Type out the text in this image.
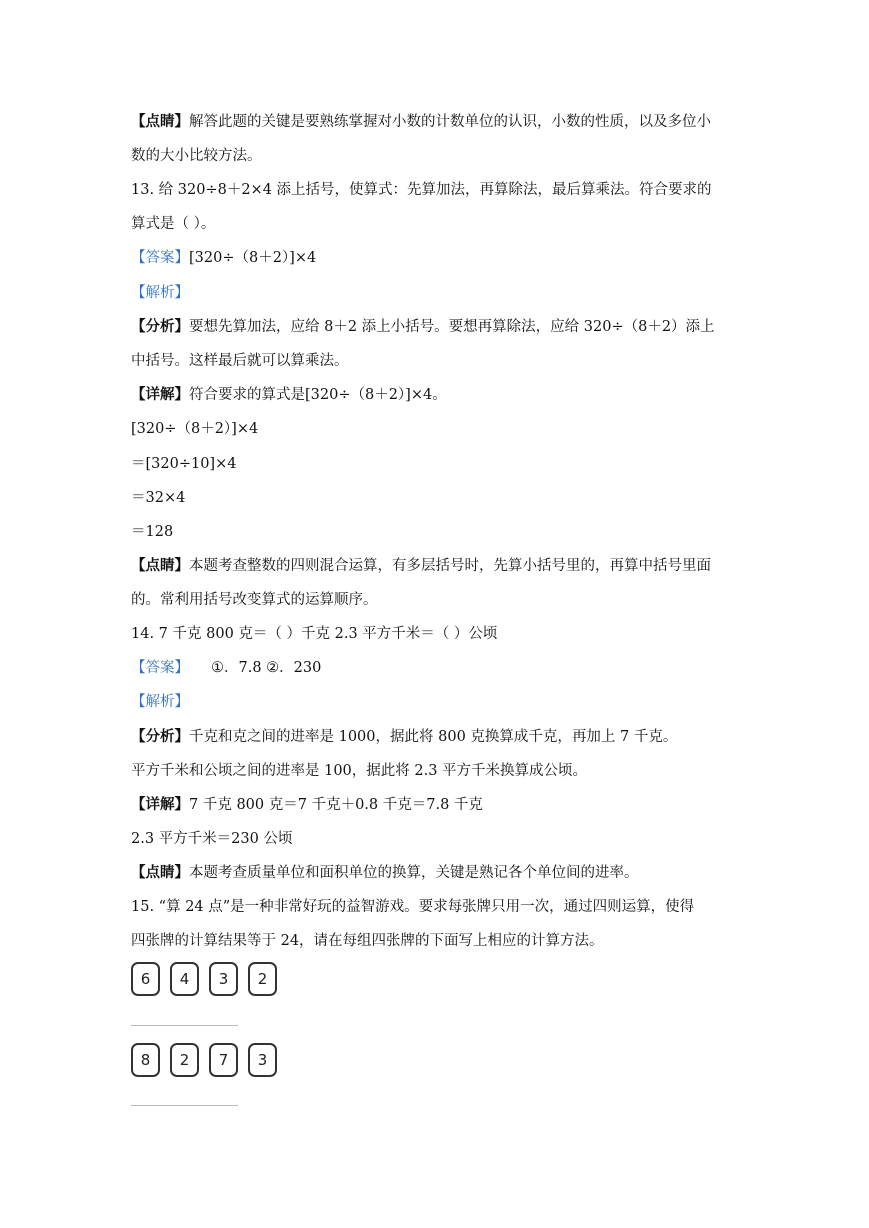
【点睛】解答此题的关键是要熟练掌握对小数的计数单位的认识，小数的性质，以及多位小
数的大小比较方法。
13. 给 320÷8＋2×4 添上括号，使算式：先算加法，再算除法，最后算乘法。符合要求的
算式是（ ）。
【答案】[320÷（8＋2）]×4
【解析】
【分析】要想先算加法，应给 8＋2 添上小括号。要想再算除法，应给 320÷（8＋2）添上
中括号。这样最后就可以算乘法。
【详解】符合要求的算式是[320÷（8＋2）]×4。
[320÷（8＋2）]×4
＝[320÷10]×4
＝32×4
＝128
【点睛】本题考查整数的四则混合运算，有多层括号时，先算小括号里的，再算中括号里面
的。常利用括号改变算式的运算顺序。
14. 7 千克 800 克＝（ ）千克 2.3 平方千米＝（ ）公顷
【答案】 ①．7.8 ②．230
【解析】
【分析】千克和克之间的进率是 1000，据此将 800 克换算成千克，再加上 7 千克。
平方千米和公顷之间的进率是 100，据此将 2.3 平方千米换算成公顷。
【详解】7 千克 800 克＝7 千克＋0.8 千克＝7.8 千克
2.3 平方千米＝230 公顷
【点睛】本题考查质量单位和面积单位的换算，关键是熟记各个单位间的进率。
15. “算 24 点”是一种非常好玩的益智游戏。要求每张牌只用一次，通过四则运算，使得
四张牌的计算结果等于 24，请在每组四张牌的下面写上相应的计算方法。
6	4	3	2
8	2	7	3
